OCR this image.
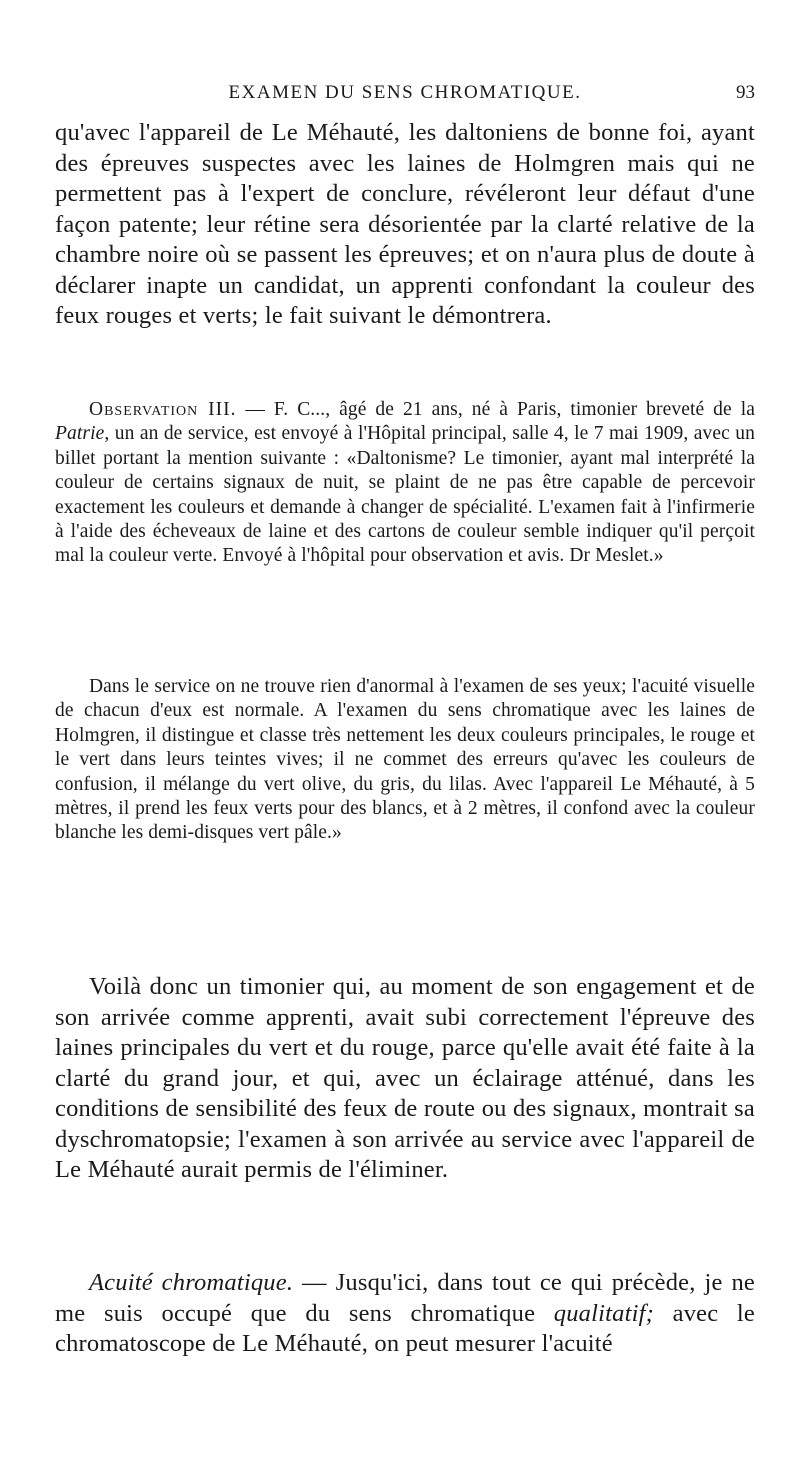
EXAMEN DU SENS CHROMATIQUE.	93

qu'avec l'appareil de Le Méhauté, les daltoniens de bonne foi, ayant des épreuves suspectes avec les laines de Holmgren mais qui ne permettent pas à l'expert de conclure, révéleront leur défaut d'une façon patente; leur rétine sera désorientée par la clarté relative de la chambre noire où se passent les épreuves; et on n'aura plus de doute à déclarer inapte un candidat, un apprenti confondant la couleur des feux rouges et verts; le fait suivant le démontrera.

Observation III. — F. C..., âgé de 21 ans, né à Paris, timonier breveté de la Patrie, un an de service, est envoyé à l'Hôpital principal, salle 4, le 7 mai 1909, avec un billet portant la mention suivante : «Daltonisme? Le timonier, ayant mal interprété la couleur de certains signaux de nuit, se plaint de ne pas être capable de percevoir exactement les couleurs et demande à changer de spécialité. L'examen fait à l'infirmerie à l'aide des écheveaux de laine et des cartons de couleur semble indiquer qu'il perçoit mal la couleur verte. Envoyé à l'hôpital pour observation et avis. Dr Meslet.»

Dans le service on ne trouve rien d'anormal à l'examen de ses yeux; l'acuité visuelle de chacun d'eux est normale. A l'examen du sens chromatique avec les laines de Holmgren, il distingue et classe très nettement les deux couleurs principales, le rouge et le vert dans leurs teintes vives; il ne commet des erreurs qu'avec les couleurs de confusion, il mélange du vert olive, du gris, du lilas. Avec l'appareil Le Méhauté, à 5 mètres, il prend les feux verts pour des blancs, et à 2 mètres, il confond avec la couleur blanche les demi-disques vert pâle.»

Voilà donc un timonier qui, au moment de son engagement et de son arrivée comme apprenti, avait subi correctement l'épreuve des laines principales du vert et du rouge, parce qu'elle avait été faite à la clarté du grand jour, et qui, avec un éclairage atténué, dans les conditions de sensibilité des feux de route ou des signaux, montrait sa dyschromatopsie; l'examen à son arrivée au service avec l'appareil de Le Méhauté aurait permis de l'éliminer.

Acuité chromatique. — Jusqu'ici, dans tout ce qui précède, je ne me suis occupé que du sens chromatique qualitatif; avec le chromatoscope de Le Méhauté, on peut mesurer l'acuité
